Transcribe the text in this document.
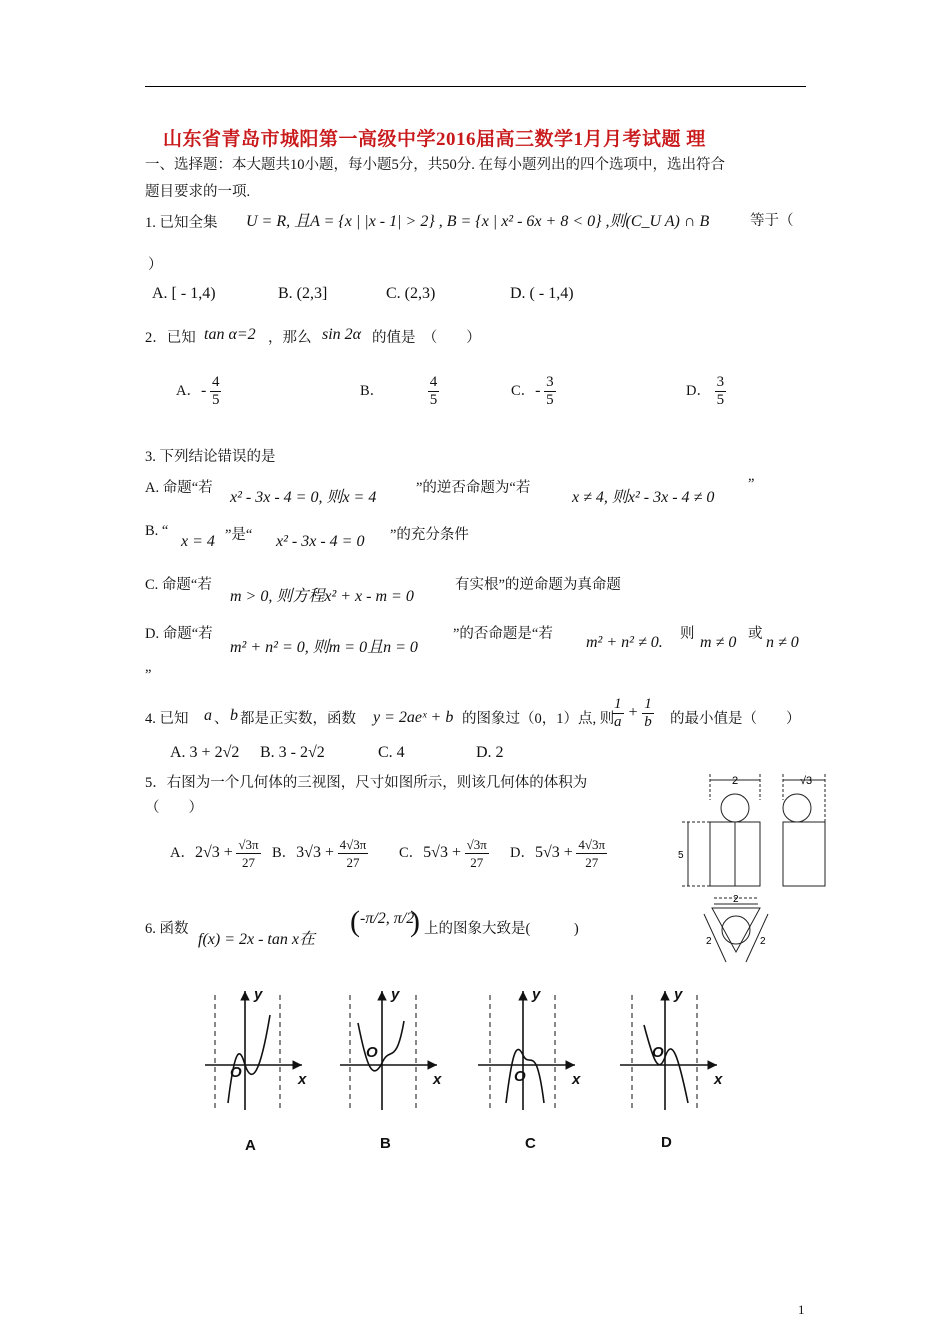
山东省青岛市城阳第一高级中学2016届高三数学1月月考试题 理
一、选择题：本大题共10小题，每小题5分，共50分. 在每小题列出的四个选项中，选出符合
题目要求的一项.
1. 已知全集 U = R, 且A = {x | |x - 1| > 2} , B = {x | x² - 6x + 8 < 0} ,则(C_U A) ∩ B	等于（
）
A. [ - 1,4)	B. (2,3]	C. (2,3)	D. ( - 1,4)
2．已知 tan α=2 ，那么 sin 2α 的值是　（　　）
A．- $\frac{4}{5}$	B．	$\frac{4}{5}$	C．- $\frac{3}{5}$	D． $\frac{3}{5}$
3. 下列结论错误的是
A. 命题“若
x² - 3x - 4 = 0, 则x = 4
”的逆否命题为“若
x ≠ 4, 则x² - 3x - 4 ≠ 0
”
B. “
x = 4 ”是“ x² - 3x - 4 = 0 ”的充分条件
C. 命题“若
m > 0, 则方程x² + x - m = 0
有实根”的逆命题为真命题
D. 命题“若
m² + n² = 0, 则m = 0且n = 0
”的否命题是“若 m² + n² ≠ 0. 则 m ≠ 0 或 n ≠ 0
”
4. 已知 a 、 b 都是正实数，函数 y = 2aeˣ + b 的图象过（0，1）点, 则
$\frac{1}{a} + \frac{1}{b}$ 的最小值是（　　）
A. 3 + 2√2 B. 3 - 2√2	C. 4	D. 2
5．右图为一个几何体的三视图，尺寸如图所示，则该几何体的体积为
（　　）
A．$2√3 + \frac{√3\pi}{27}$ B．$3√3 + \frac{4√3\pi}{27}$ C．$5√3 + \frac{√3\pi}{27}$ D．$5√3 + \frac{4√3\pi}{27}$
2	√3
5
2
2	2
6. 函数
f(x) = 2x - tan x在
( -π/2, π/2
) 上的图象大致是(　　　)
y
x
O
y
x
O
y
x
O
y
x
O
A	B	C	D
1
